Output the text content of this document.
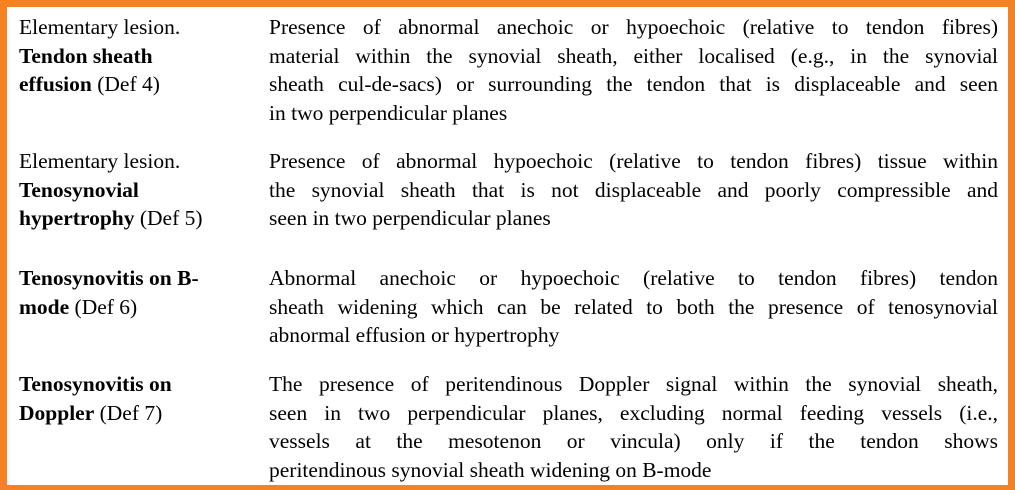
Elementary lesion.
Tendon sheath
effusion (Def 4)
Presence of abnormal anechoic or hypoechoic (relative to tendon fibres)
material within the synovial sheath, either localised (e.g., in the synovial
sheath cul-de-sacs) or surrounding the tendon that is displaceable and seen
in two perpendicular planes
Elementary lesion.
Tenosynovial
hypertrophy (Def 5)
Presence of abnormal hypoechoic (relative to tendon fibres) tissue within
the synovial sheath that is not displaceable and poorly compressible and
seen in two perpendicular planes
Tenosynovitis on B-
mode (Def 6)
Abnormal anechoic or hypoechoic (relative to tendon fibres) tendon
sheath widening which can be related to both the presence of tenosynovial
abnormal effusion or hypertrophy
Tenosynovitis on
Doppler (Def 7)
The presence of peritendinous Doppler signal within the synovial sheath,
seen in two perpendicular planes, excluding normal feeding vessels (i.e.,
vessels at the mesotenon or vincula) only if the tendon shows
peritendinous synovial sheath widening on B-mode
